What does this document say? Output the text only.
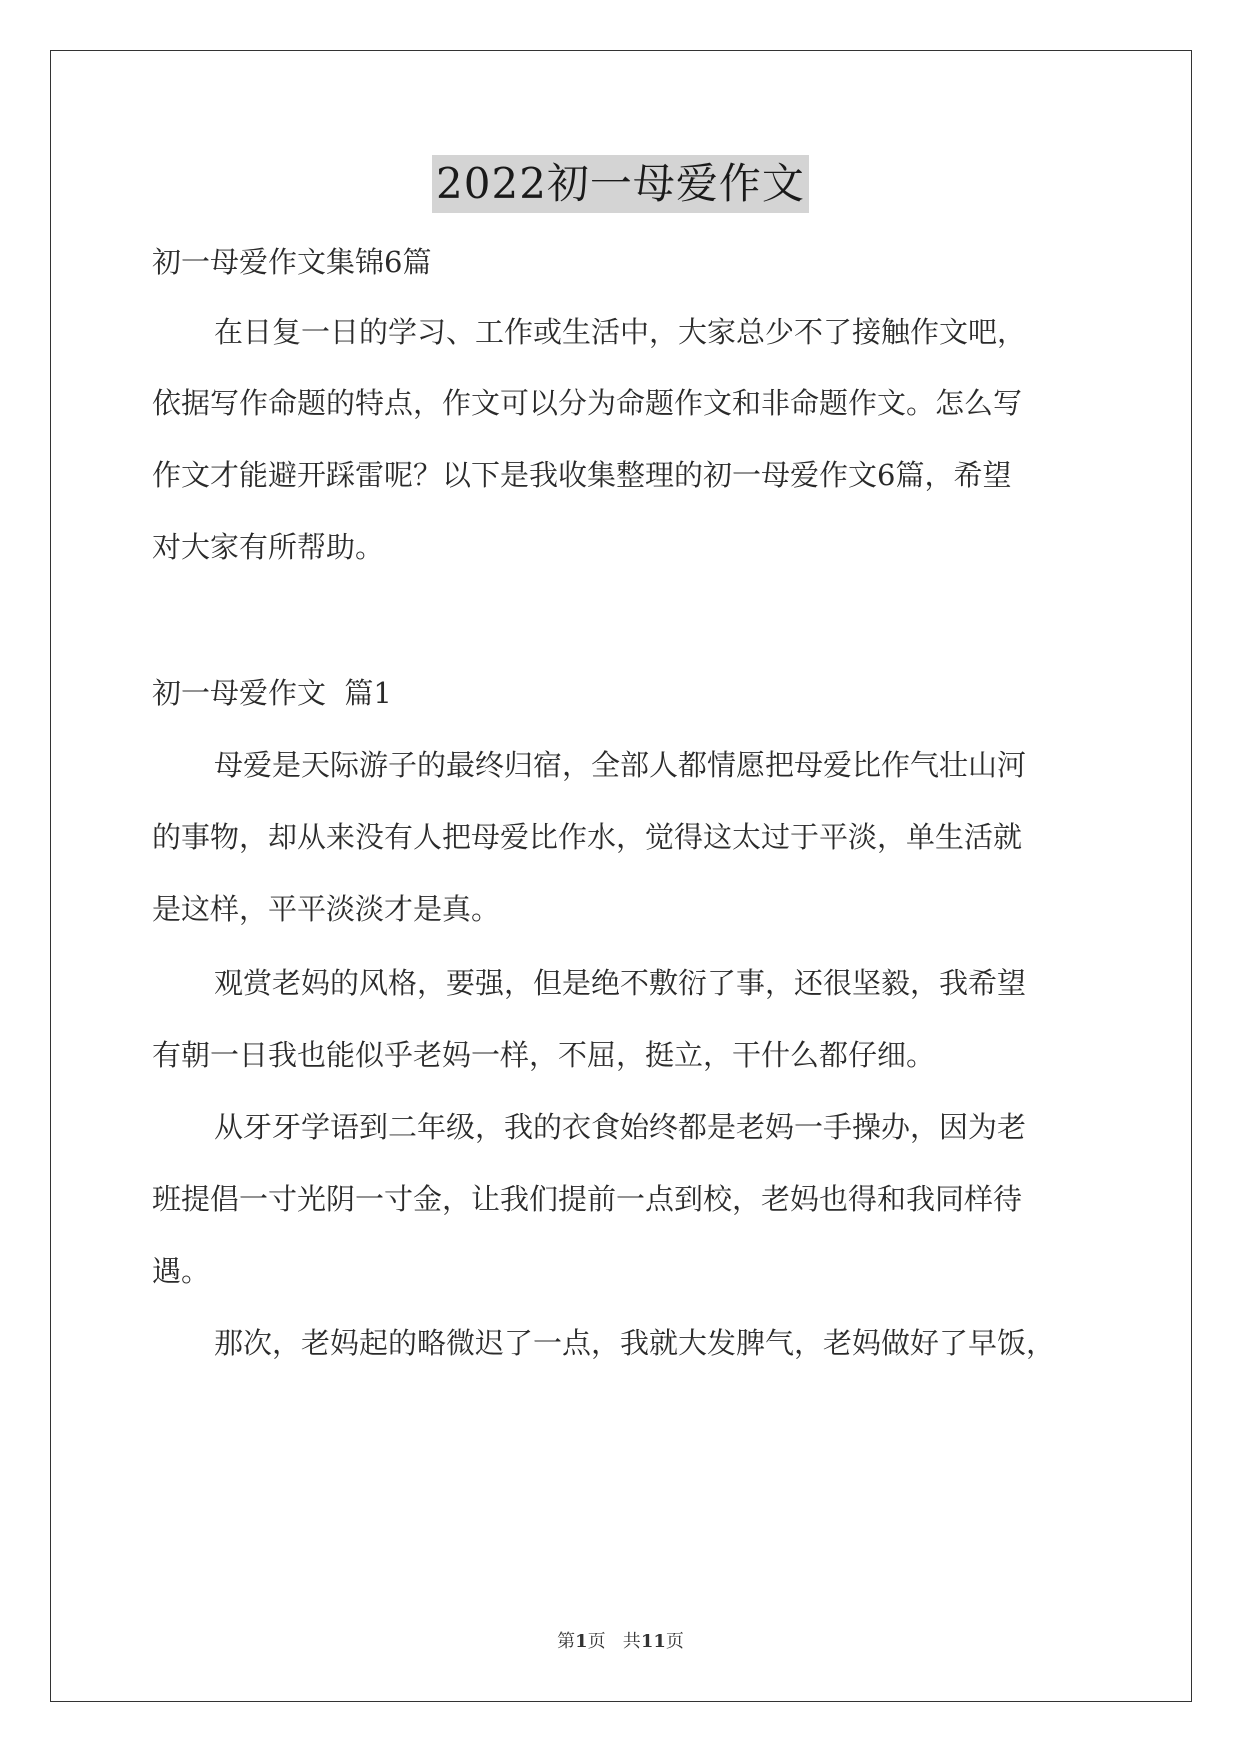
2022初一母爱作文
初一母爱作文集锦6篇
在日复一日的学习、工作或生活中，大家总少不了接触作文吧，
依据写作命题的特点，作文可以分为命题作文和非命题作文。怎么写
作文才能避开踩雷呢？以下是我收集整理的初一母爱作文6篇，希望
对大家有所帮助。
初一母爱作文  篇1
母爱是天际游子的最终归宿，全部人都情愿把母爱比作气壮山河
的事物，却从来没有人把母爱比作水，觉得这太过于平淡，单生活就
是这样，平平淡淡才是真。
观赏老妈的风格，要强，但是绝不敷衍了事，还很坚毅，我希望
有朝一日我也能似乎老妈一样，不屈，挺立，干什么都仔细。
从牙牙学语到二年级，我的衣食始终都是老妈一手操办，因为老
班提倡一寸光阴一寸金，让我们提前一点到校，老妈也得和我同样待
遇。
那次，老妈起的略微迟了一点，我就大发脾气，老妈做好了早饭，
第1页   共11页
